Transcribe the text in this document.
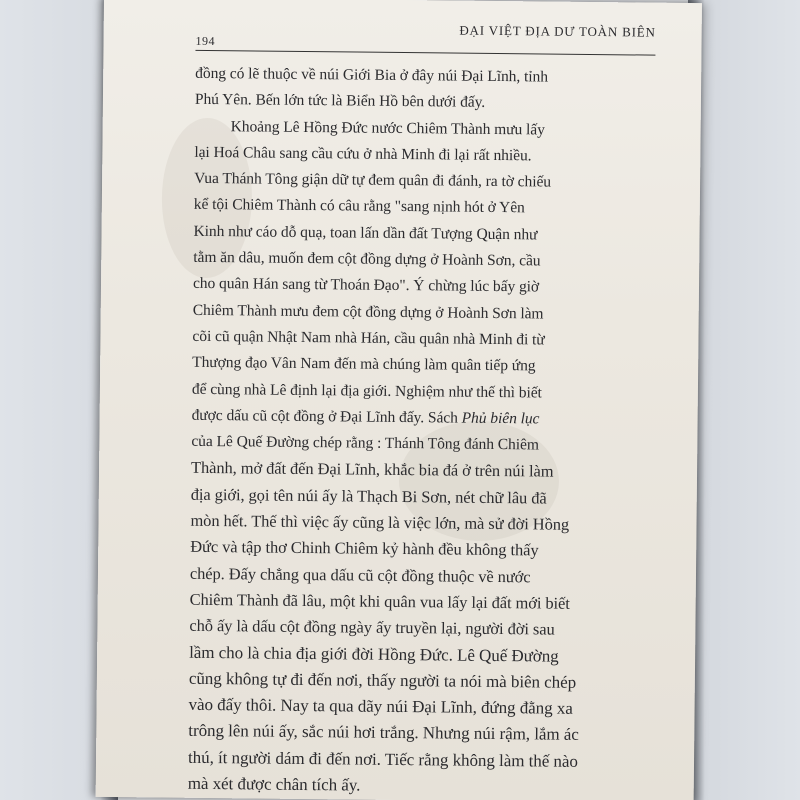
194
ĐẠI VIỆT ĐỊA DƯ TOÀN BIÊN
đồng có lẽ thuộc về núi Giới Bia ở đây núi Đại Lĩnh, tỉnh
Phú Yên. Bến lớn tức là Biển Hồ bên dưới đấy.
Khoảng Lê Hồng Đức nước Chiêm Thành mưu lấy
lại Hoá Châu sang cầu cứu ở nhà Minh đi lại rất nhiều.
Vua Thánh Tông giận dữ tự đem quân đi đánh, ra tờ chiếu
kể tội Chiêm Thành có câu rằng "sang nịnh hót ở Yên
Kinh như cáo dỗ quạ, toan lấn dần đất Tượng Quận như
tằm ăn dâu, muốn đem cột đồng dựng ở Hoành Sơn, cầu
cho quân Hán sang từ Thoán Đạo". Ý chừng lúc bấy giờ
Chiêm Thành mưu đem cột đồng dựng ở Hoành Sơn làm
cõi cũ quận Nhật Nam nhà Hán, cầu quân nhà Minh đi từ
Thượng đạo Vân Nam đến mà chúng làm quân tiếp ứng
để cùng nhà Lê định lại địa giới. Nghiệm như thế thì biết
được dấu cũ cột đồng ở Đại Lĩnh đấy. Sách Phủ biên lục
của Lê Quế Đường chép rằng : Thánh Tông đánh Chiêm
Thành, mở đất đến Đại Lĩnh, khắc bia đá ở trên núi làm
địa giới, gọi tên núi ấy là Thạch Bi Sơn, nét chữ lâu đã
mòn hết. Thế thì việc ấy cũng là việc lớn, mà sử đời Hồng
Đức và tập thơ Chinh Chiêm kỷ hành đều không thấy
chép. Đấy chẳng qua dấu cũ cột đồng thuộc về nước
Chiêm Thành đã lâu, một khi quân vua lấy lại đất mới biết
chỗ ấy là dấu cột đồng ngày ấy truyền lại, người đời sau
lầm cho là chia địa giới đời Hồng Đức. Lê Quế Đường
cũng không tự đi đến nơi, thấy người ta nói mà biên chép
vào đấy thôi. Nay ta qua dãy núi Đại Lĩnh, đứng đằng xa
trông lên núi ấy, sắc núi hơi trắng. Nhưng núi rậm, lắm ác
thú, ít người dám đi đến nơi. Tiếc rằng không làm thế nào
mà xét được chân tích ấy.
